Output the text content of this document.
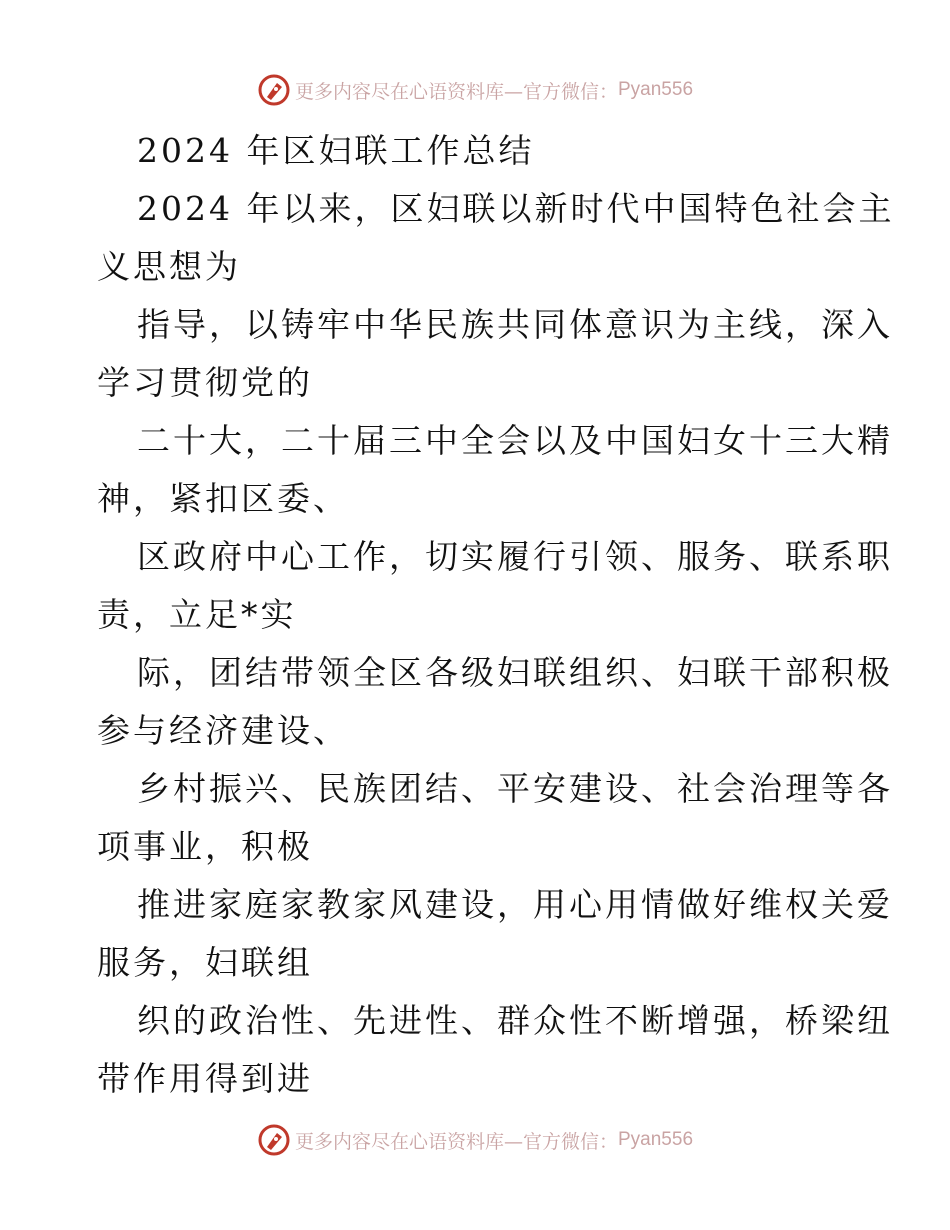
更多内容尽在心语资料库—官方微信： Pyan556
2024 年区妇联工作总结
2024 年以来，区妇联以新时代中国特色社会主
义思想为
指导，以铸牢中华民族共同体意识为主线，深入
学习贯彻党的
二十大，二十届三中全会以及中国妇女十三大精
神，紧扣区委、
区政府中心工作，切实履行引领、服务、联系职
责，立足*实
际，团结带领全区各级妇联组织、妇联干部积极
参与经济建设、
乡村振兴、民族团结、平安建设、社会治理等各
项事业，积极
推进家庭家教家风建设，用心用情做好维权关爱
服务，妇联组
织的政治性、先进性、群众性不断增强，桥梁纽
带作用得到进
更多内容尽在心语资料库—官方微信： Pyan556
